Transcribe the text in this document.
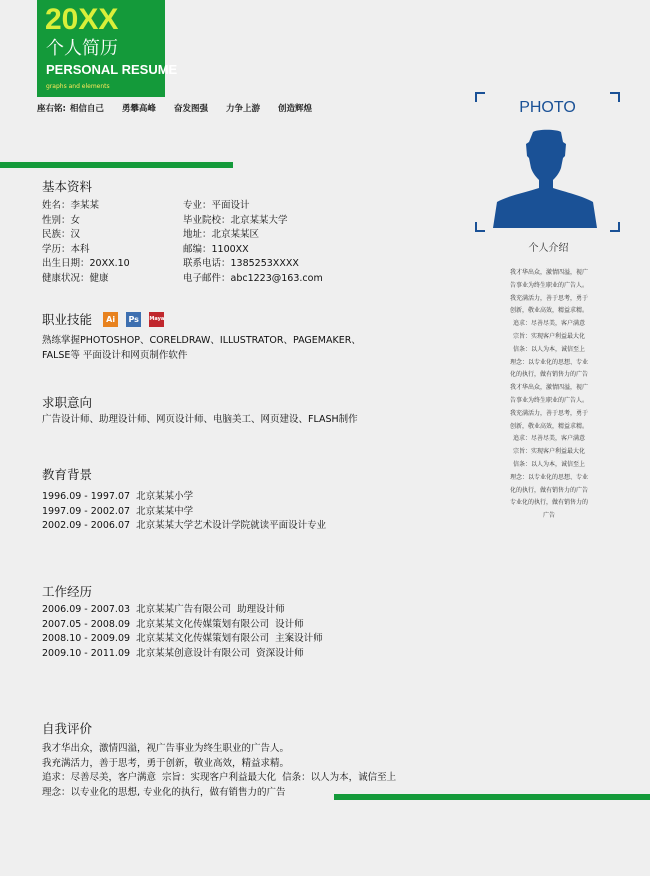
20XX
个人简历
PERSONAL RESUME
graphs and elements
座右铭: 相信自己 勇攀高峰 奋发图强 力争上游 创造辉煌
基本资料
姓名：李某某
性别：女
民族：汉
学历：本科
出生日期：20XX.10
健康状况：健康
专业：平面设计
毕业院校：北京某某大学
地址：北京某某区
邮编：1100XX
联系电话：1385253XXXX
电子邮件：abc1223@163.com
职业技能 Ai Ps Maya
熟练掌握PHOTOSHOP、CORELDRAW、ILLUSTRATOR、PAGEMAKER、
FALSE等 平面设计和网页制作软件
求职意向
广告设计师、助理设计师、网页设计师、电脑美工、网页建设、FLASH制作
教育背景
1996.09 - 1997.07  北京某某小学
1997.09 - 2002.07  北京某某中学
2002.09 - 2006.07  北京某某大学艺术设计学院就读平面设计专业
工作经历
2006.09 - 2007.03  北京某某广告有限公司  助理设计师
2007.05 - 2008.09  北京某某文化传媒策划有限公司  设计师
2008.10 - 2009.09  北京某某文化传媒策划有限公司  主案设计师
2009.10 - 2011.09  北京某某创意设计有限公司  资深设计师
自我评价
我才华出众，激情四溢，视广告事业为终生职业的广告人。
我充满活力，善于思考，勇于创新，敬业高效，精益求精。
追求：尽善尽美，客户满意  宗旨：实现客户利益最大化  信条：以人为本，诚信至上
理念：以专业化的思想, 专业化的执行，做有销售力的广告
PHOTO
个人介绍
我才华出众，激情四溢，视广
告事业为终生职业的广告人。
我充满活力，善于思考，勇于
创新，敬业高效，精益求精。
追求：尽善尽美，客户满意
宗旨：实现客户利益最大化
信条：以人为本，诚信至上
理念：以专业化的思想、专业
化的执行，做有销售力的广告
我才华出众，激情四溢，视广
告事业为终生职业的广告人。
我充满活力，善于思考，勇于
创新，敬业高效，精益求精。
追求：尽善尽美，客户满意
宗旨：实现客户利益最大化
信条：以人为本，诚信至上
理念：以专业化的思想、专业
化的执行，做有销售力的广告
专业化的执行，做有销售力的
广告
